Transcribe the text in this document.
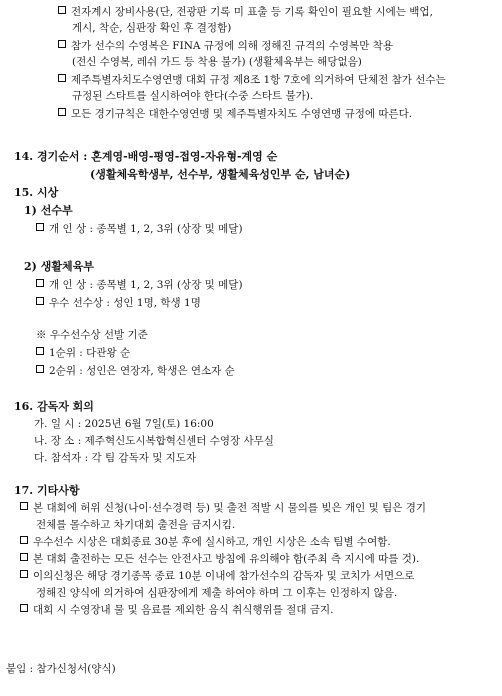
전자계시 장비사용(단, 전광판 기록 미 표출 등 기록 확인이 필요할 시에는 백업,
게시, 착순, 심판장 확인 후 결정함)
참가 선수의 수영복은 FINA 규정에 의해 정해진 규격의 수영복만 착용
(전신 수영복, 레쉬 가드 등 착용 불가) (생활체육부는 해당없음)
제주특별자치도수영연맹 대회 규정 제8조 1항 7호에 의거하여 단체전 참가 선수는
규정된 스타트를 실시하여야 한다(수중 스타트 불가).
모든 경기규칙은 대한수영연맹 및 제주특별자치도 수영연맹 규정에 따른다.
14. 경기순서 : 혼계영-배영-평영-접영-자유형-계영 순
(생활체육학생부, 선수부, 생활체육성인부 순, 남녀순)
15. 시상
1) 선수부
개 인 상 : 종목별 1, 2, 3위 (상장 및 메달)
2) 생활체육부
개 인 상 : 종목별 1, 2, 3위 (상장 및 메달)
우수 선수상 : 성인 1명, 학생 1명
※ 우수선수상 선발 기준
1순위 : 다관왕 순
2순위 : 성인은 연장자, 학생은 연소자 순
16. 감독자 회의
가. 일 시 : 2025년 6월 7일(토) 16:00
나. 장 소 : 제주혁신도시복합혁신센터 수영장 사무실
다. 참석자 : 각 팀 감독자 및 지도자
17. 기타사항
본 대회에 허위 신청(나이·선수경력 등) 및 출전 적발 시 물의를 빚은 개인 및 팀은 경기
전체를 몰수하고 차기대회 출전을 금지시킴.
우수선수 시상은 대회종료 30분 후에 실시하고, 개인 시상은 소속 팀별 수여함.
본 대회 출전하는 모든 선수는 안전사고 방침에 유의해야 함(주최 측 지시에 따를 것).
이의신청은 해당 경기종목 종료 10분 이내에 참가선수의 감독자 및 코치가 서면으로
정해진 양식에 의거하여 심판장에게 제출 하여야 하며 그 이후는 인정하지 않음.
대회 시 수영장내 물 및 음료를 제외한 음식 취식행위를 절대 금지.
붙임 : 참가신청서(양식)
